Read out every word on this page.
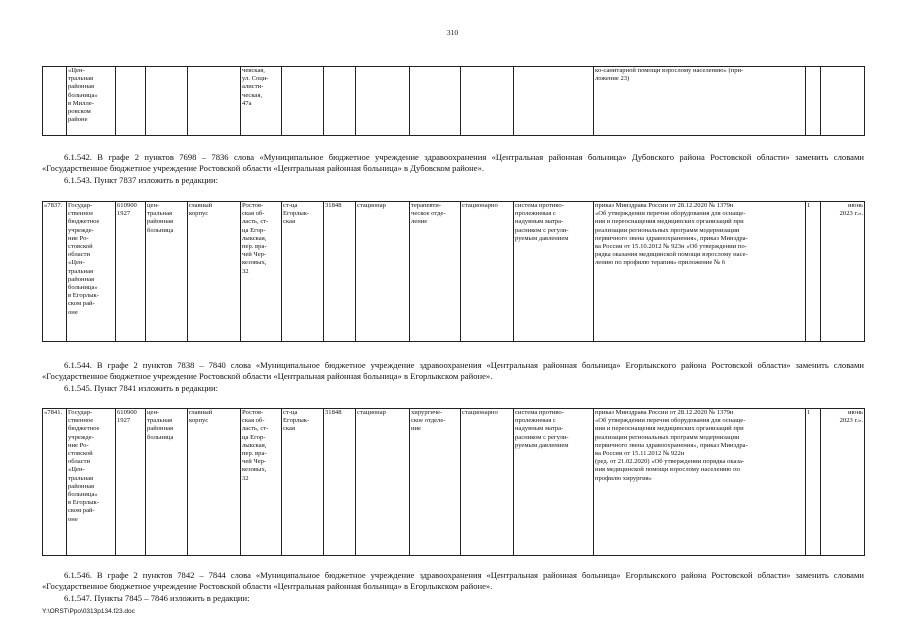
310
	«Цен-
тральная
районная
больница»
в Милле-
ровском
районе				чевская,
ул. Соци-
алисти-
ческая,
47а							ко-санитарной помощи взрослому населению» (при-
ложение 23)		

6.1.542. В графе 2 пунктов 7698 – 7836 слова «Муниципальное бюджетное учреждение здравоохранения «Центральная районная больница» Дубовского района Ростовской области» заменить словами «Государственное бюджетное учреждение Ростовской области «Центральная районная больница» в Дубовском районе».

6.1.543. Пункт 7837 изложить в редакции:

«7837.	Государ-
ственное
бюджетное
учрежде-
ние Ро-
стовской
области
«Цен-
тральная
районная
больница»
в Егорлык-
ском рай-
оне	610900
1927	цен-
тральная
районная
больница	главный
корпус	Ростов-
ская об-
ласть, ст-
ца Егор-
лыкская,
пер. вра-
чей Чер-
кезовых,
32	ст-ца
Егорлык-
ская	31848	стационар	терапевти-
ческое отде-
ление	стационарно	система противо-
пролежневая с
надувным матра-
расником с регули-
руемым давлением	приказ Минздрава России от 28.12.2020 № 1379н
«Об утверждении перечня оборудования для оснаще-
ния и переоснащения медицинских организаций при
реализации региональных программ модернизации
первичного звена здравоохранения», приказ Минздра-
ва России от 15.10.2012 № 923н «Об утверждении по-
рядка оказания медицинской помощи взрослому насе-
лению по профилю терапия» приложение № 6	1	июнь
2023 г.».

6.1.544. В графе 2 пунктов 7838 – 7840 слова «Муниципальное бюджетное учреждение здравоохранения «Центральная районная больница» Егорлыкского района Ростовской области» заменить словами «Государственное бюджетное учреждение Ростовской области «Центральная районная больница» в Егорлыкском районе».

6.1.545. Пункт 7841 изложить в редакции:

«7841.	Государ-
ственное
бюджетное
учрежде-
ние Ро-
стовской
области
«Цен-
тральная
районная
больница»
в Егорлык-
ском рай-
оне	610900
1927	цен-
тральная
районная
больница	главный
корпус	Ростов-
ская об-
ласть, ст-
ца Егор-
лыкская,
пер. вра-
чей Чер-
кезовых,
32	ст-ца
Егорлык-
ская	31848	стационар	хирургиче-
ское отделе-
ние	стационарно	система противо-
пролежневая с
надувным матра-
расником с регули-
руемым давлением	приказ Минздрава России от 28.12.2020 № 1379н
«Об утверждении перечня оборудования для оснаще-
ния и переоснащения медицинских организаций при
реализации региональных программ модернизации
первичного звена здравоохранения», приказ Минздра-
ва России от 15.11.2012 № 922н
(ред. от 21.02.2020) «Об утверждении порядка оказа-
ния медицинской помощи взрослому населению по
профилю хирургия»	1	июнь
2023 г.».

6.1.546. В графе 2 пунктов 7842 – 7844 слова «Муниципальное бюджетное учреждение здравоохранения «Центральная районная больница» Егорлыкского района Ростовской области» заменить словами «Государственное бюджетное учреждение Ростовской области «Центральная районная больница» в Егорлыкском районе».

6.1.547. Пункты 7845 – 7846 изложить в редакции:

Y:\ORST\Ppo\0313p134.f23.doc
